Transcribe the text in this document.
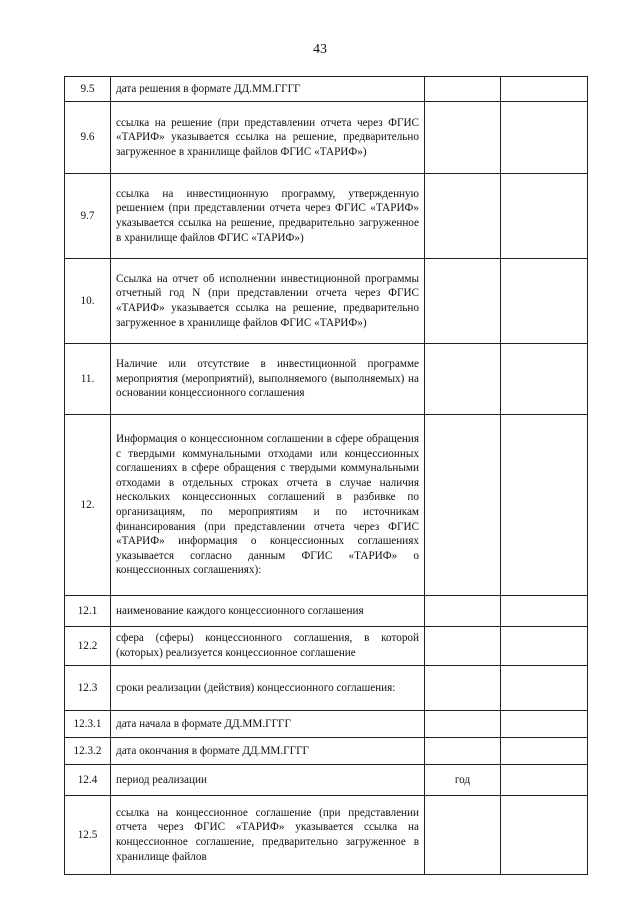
43
9.5	дата решения в формате ДД.ММ.ГГГГ		
9.6	ссылка на решение (при представлении отчета через ФГИС «ТАРИФ» указывается ссылка на решение, предварительно загруженное в хранилище файлов ФГИС «ТАРИФ»)		
9.7	ссылка на инвестиционную программу, утвержденную решением (при представлении отчета через ФГИС «ТАРИФ» указывается ссылка на решение, предварительно загруженное в хранилище файлов ФГИС «ТАРИФ»)		
10.	Ссылка на отчет об исполнении инвестиционной программы отчетный год N (при представлении отчета через ФГИС «ТАРИФ» указывается ссылка на решение, предварительно загруженное в хранилище файлов ФГИС «ТАРИФ»)		
11.	Наличие или отсутствие в инвестиционной программе мероприятия (мероприятий), выполняемого (выполняемых) на основании концессионного соглашения		
12.	Информация о концессионном соглашении в сфере обращения с твердыми коммунальными отходами или концессионных соглашениях в сфере обращения с твердыми коммунальными отходами в отдельных строках отчета в случае наличия нескольких концессионных соглашений в разбивке по организациям, по мероприятиям и по источникам финансирования (при представлении отчета через ФГИС «ТАРИФ» информация о концессионных соглашениях указывается согласно данным ФГИС «ТАРИФ» о концессионных соглашениях):		
12.1	наименование каждого концессионного соглашения		
12.2	сфера (сферы) концессионного соглашения, в которой (которых) реализуется концессионное соглашение		
12.3	сроки реализации (действия) концессионного соглашения:		
12.3.1	дата начала в формате ДД.ММ.ГГГГ		
12.3.2	дата окончания в формате ДД.ММ.ГГГГ		
12.4	период реализации	год	
12.5	ссылка на концессионное соглашение (при представлении отчета через ФГИС «ТАРИФ» указывается ссылка на концессионное соглашение, предварительно загруженное в хранилище файлов		
